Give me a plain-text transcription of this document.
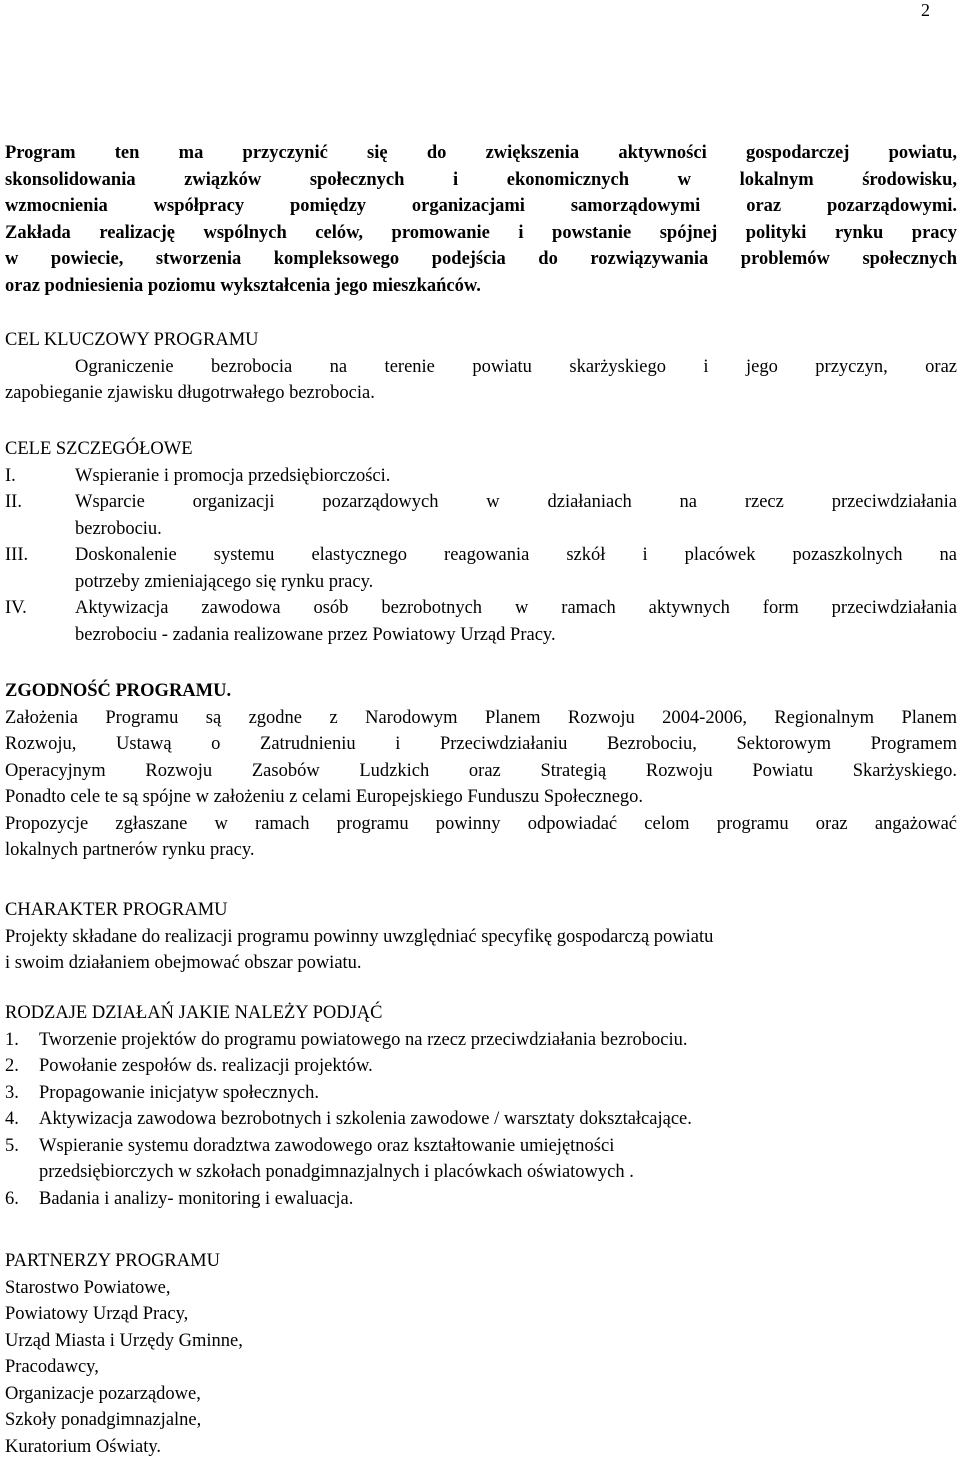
2
Program ten ma przyczynić się do zwiększenia aktywności gospodarczej powiatu,
skonsolidowania związków społecznych i ekonomicznych w lokalnym środowisku,
wzmocnienia współpracy pomiędzy organizacjami samorządowymi oraz pozarządowymi.
Zakłada realizację wspólnych celów, promowanie i powstanie spójnej polityki rynku pracy
w powiecie, stworzenia kompleksowego podejścia do rozwiązywania problemów społecznych
oraz podniesienia poziomu wykształcenia jego mieszkańców.
CEL KLUCZOWY PROGRAMU
Ograniczenie bezrobocia na terenie powiatu skarżyskiego i jego przyczyn, oraz
zapobieganie zjawisku długotrwałego bezrobocia.
CELE SZCZEGÓŁOWE
I.	Wspieranie i promocja przedsiębiorczości.
II.	Wsparcie organizacji pozarządowych w działaniach na rzecz przeciwdziałania
bezrobociu.
III.	Doskonalenie systemu elastycznego reagowania szkół i placówek pozaszkolnych na
potrzeby zmieniającego się rynku pracy.
IV.	Aktywizacja zawodowa osób bezrobotnych w ramach aktywnych form przeciwdziałania
bezrobociu - zadania realizowane przez Powiatowy Urząd Pracy.
ZGODNOŚĆ PROGRAMU.
Założenia Programu są zgodne z Narodowym Planem Rozwoju 2004-2006, Regionalnym Planem
Rozwoju, Ustawą o Zatrudnieniu i Przeciwdziałaniu Bezrobociu, Sektorowym Programem
Operacyjnym Rozwoju Zasobów Ludzkich oraz Strategią Rozwoju Powiatu Skarżyskiego.
Ponadto cele te są spójne w założeniu z celami Europejskiego Funduszu Społecznego.
Propozycje zgłaszane w ramach programu powinny odpowiadać celom programu oraz angażować
lokalnych partnerów rynku pracy.
CHARAKTER PROGRAMU
Projekty składane do realizacji programu powinny uwzględniać specyfikę gospodarczą powiatu
i swoim działaniem obejmować obszar powiatu.
RODZAJE DZIAŁAŃ JAKIE NALEŻY PODJĄĆ
1.	Tworzenie projektów do programu powiatowego na rzecz przeciwdziałania bezrobociu.
2.	Powołanie zespołów ds. realizacji projektów.
3.	Propagowanie inicjatyw społecznych.
4.	Aktywizacja zawodowa bezrobotnych i szkolenia zawodowe / warsztaty dokształcające.
5.	Wspieranie systemu doradztwa zawodowego oraz kształtowanie umiejętności
przedsiębiorczych w szkołach ponadgimnazjalnych i placówkach oświatowych .
6.	Badania i analizy- monitoring i ewaluacja.
PARTNERZY PROGRAMU
Starostwo Powiatowe,
Powiatowy Urząd Pracy,
Urząd Miasta i Urzędy Gminne,
Pracodawcy,
Organizacje pozarządowe,
Szkoły ponadgimnazjalne,
Kuratorium Oświaty.
